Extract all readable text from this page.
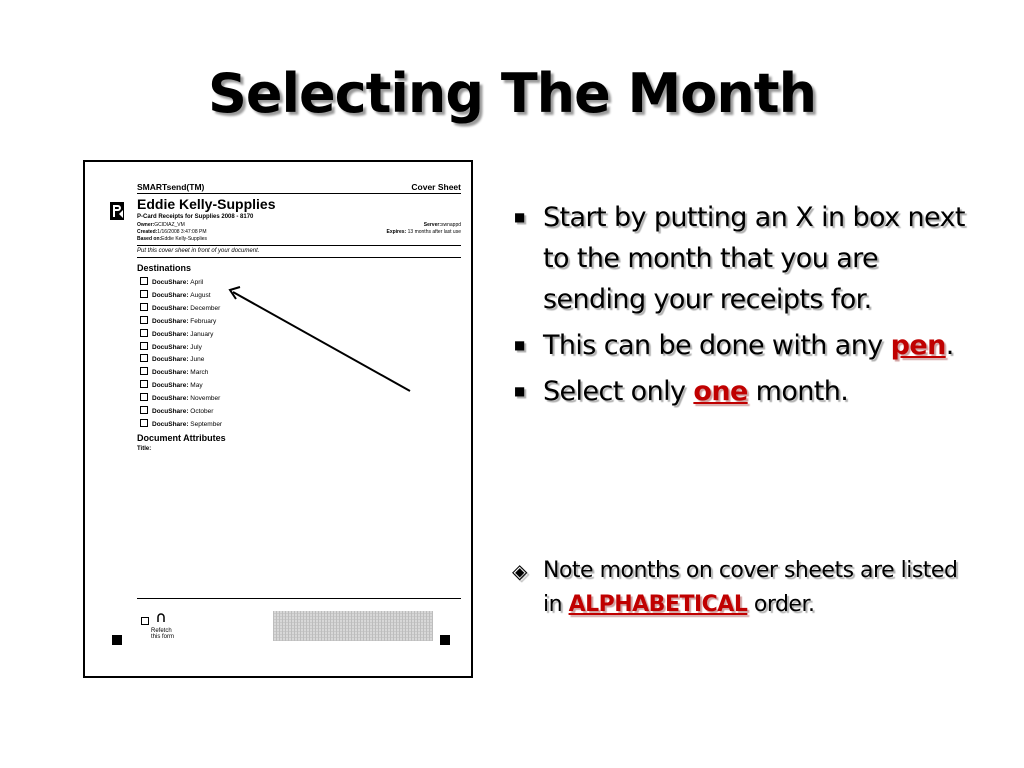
Selecting The Month
SMARTsend(TM)	Cover Sheet
Eddie Kelly-Supplies
P-Card Receipts for Supplies 2008 - 8170
Owner:GCIDIAZ_VM	Server:swnappd
Created:1/16/2008 3:47:08 PM	Expires: 13 months after last use
Based on:Eddie Kelly-Supplies
Put this cover sheet in front of your document.
Destinations
DocuShare: April
DocuShare: August
DocuShare: December
DocuShare: February
DocuShare: January
DocuShare: July
DocuShare: June
DocuShare: March
DocuShare: May
DocuShare: November
DocuShare: October
DocuShare: September
Document Attributes
Title:
Refetch
this form
■ Start by putting an X in box next to the month that you are sending your receipts for.
■ This can be done with any pen.
■ Select only one month.
◈ Note months on cover sheets are listed in ALPHABETICAL order.
